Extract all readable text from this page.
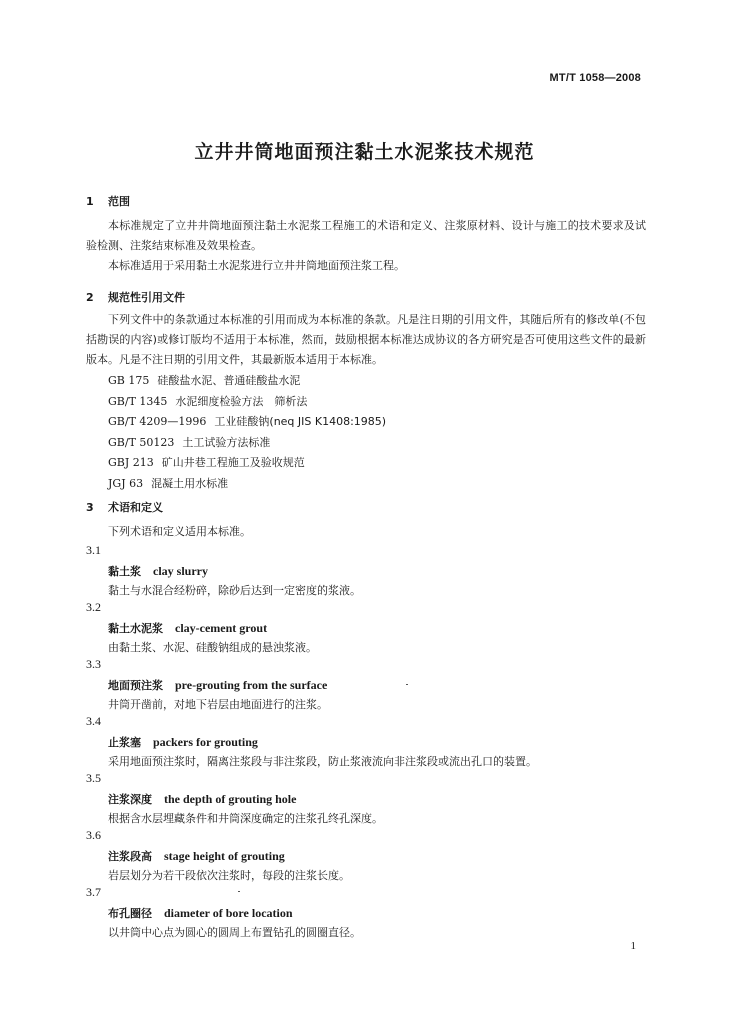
MT/T 1058—2008
立井井筒地面预注黏土水泥浆技术规范
1 范围

本标准规定了立井井筒地面预注黏土水泥浆工程施工的术语和定义、注浆原材料、设计与施工的技术要求及试验检测、注浆结束标准及效果检查。

本标准适用于采用黏土水泥浆进行立井井筒地面预注浆工程。

2 规范性引用文件

下列文件中的条款通过本标准的引用而成为本标准的条款。凡是注日期的引用文件，其随后所有的修改单(不包括勘误的内容)或修订版均不适用于本标准，然而，鼓励根据本标准达成协议的各方研究是否可使用这些文件的最新版本。凡是不注日期的引用文件，其最新版本适用于本标准。

GB 175 硅酸盐水泥、普通硅酸盐水泥
GB/T 1345 水泥细度检验方法　筛析法
GB/T 4209—1996 工业硅酸钠(neq JIS K1408:1985)
GB/T 50123 土工试验方法标准
GBJ 213 矿山井巷工程施工及验收规范
JGJ 63 混凝土用水标准
3 术语和定义
下列术语和定义适用本标准。
3.1
黏土浆 clay slurry
黏土与水混合经粉碎，除砂后达到一定密度的浆液。
3.2
黏土水泥浆 clay-cement grout
由黏土浆、水泥、硅酸钠组成的悬浊浆液。
3.3
地面预注浆 pre-grouting from the surface
井筒开凿前，对地下岩层由地面进行的注浆。
3.4
止浆塞 packers for grouting
采用地面预注浆时，隔离注浆段与非注浆段，防止浆液流向非注浆段或流出孔口的装置。
3.5
注浆深度 the depth of grouting hole
根据含水层埋藏条件和井筒深度确定的注浆孔终孔深度。
3.6
注浆段高 stage height of grouting
岩层划分为若干段依次注浆时，每段的注浆长度。
3.7
布孔圈径 diameter of bore location
以井筒中心点为圆心的圆周上布置钻孔的圆圈直径。
1
